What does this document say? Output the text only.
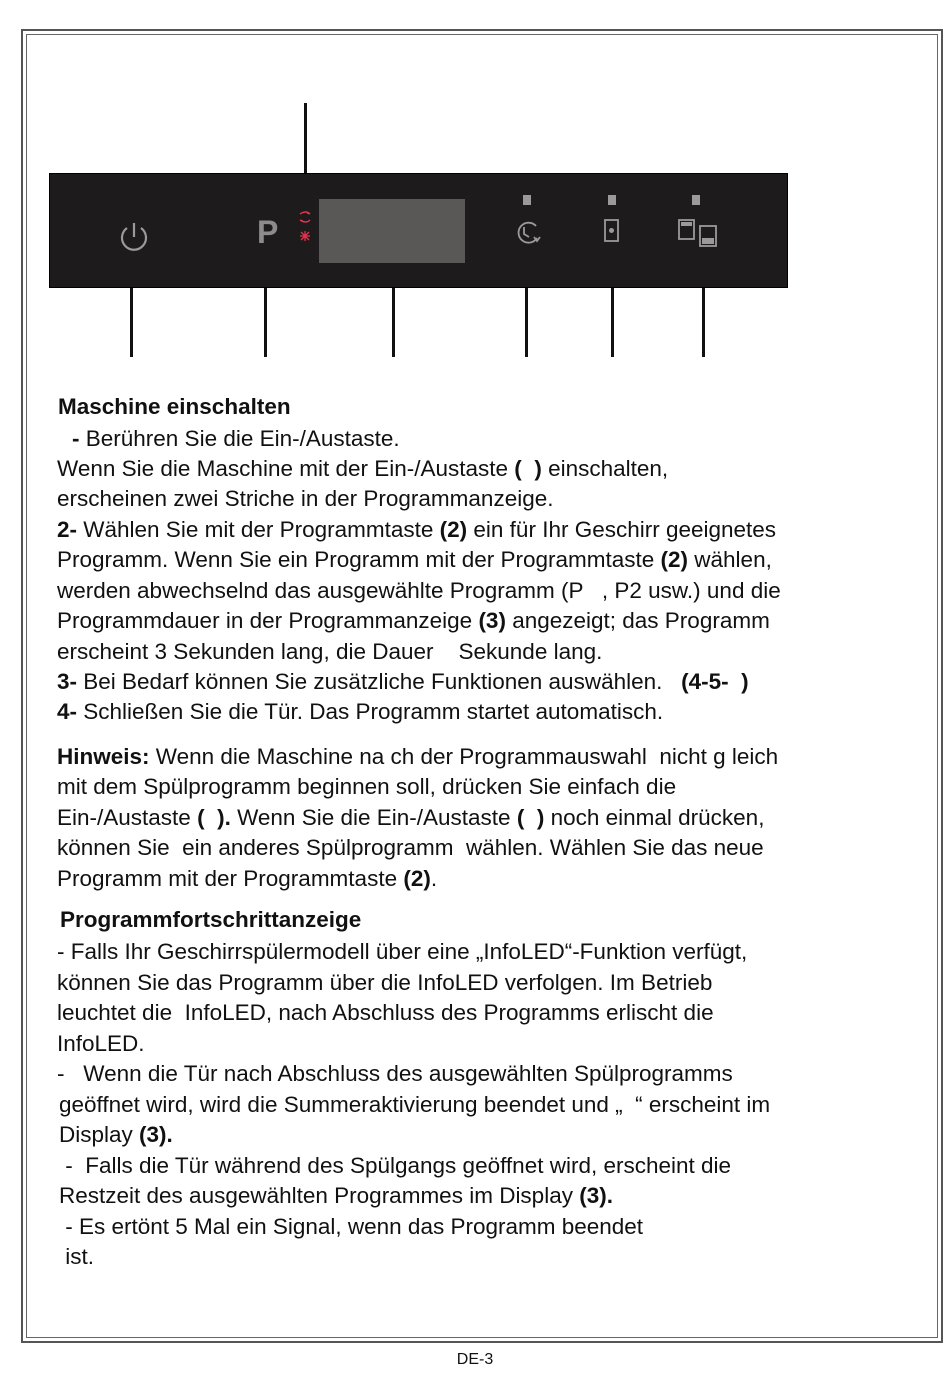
P
Maschine einschalten
- Berühren Sie die Ein-/Austaste.
Wenn Sie die Maschine mit der Ein-/Austaste ( ) einschalten,
erscheinen zwei Striche in der Programmanzeige.
2- Wählen Sie mit der Programmtaste (2) ein für Ihr Geschirr geeignetes
Programm. Wenn Sie ein Programm mit der Programmtaste (2) wählen,
werden abwechselnd das ausgewählte Programm (P   , P2 usw.) und die
Programmdauer in der Programmanzeige (3) angezeigt; das Programm
erscheint 3 Sekunden lang, die Dauer    Sekunde lang.
3- Bei Bedarf können Sie zusätzliche Funktionen auswählen.   (4-5-  )
4- Schließen Sie die Tür. Das Programm startet automatisch.
Hinweis: Wenn die Maschine na ch der Programmauswahl  nicht g leich
mit dem Spülprogramm beginnen soll, drücken Sie einfach die
Ein-/Austaste (  ). Wenn Sie die Ein-/Austaste (  ) noch einmal drücken,
können Sie  ein anderes Spülprogramm  wählen. Wählen Sie das neue
Programm mit der Programmtaste (2).
Programmfortschrittanzeige
- Falls Ihr Geschirrspülermodell über eine „InfoLED“-Funktion verfügt,
können Sie das Programm über die InfoLED verfolgen. Im Betrieb
leuchtet die  InfoLED, nach Abschluss des Programms erlischt die
InfoLED.
-   Wenn die Tür nach Abschluss des ausgewählten Spülprogramms
geöffnet wird, wird die Summeraktivierung beendet und „  “ erscheint im
Display (3).
-  Falls die Tür während des Spülgangs geöffnet wird, erscheint die
Restzeit des ausgewählten Programmes im Display (3).
- Es ertönt 5 Mal ein Signal, wenn das Programm beendet
ist.
DE-3
